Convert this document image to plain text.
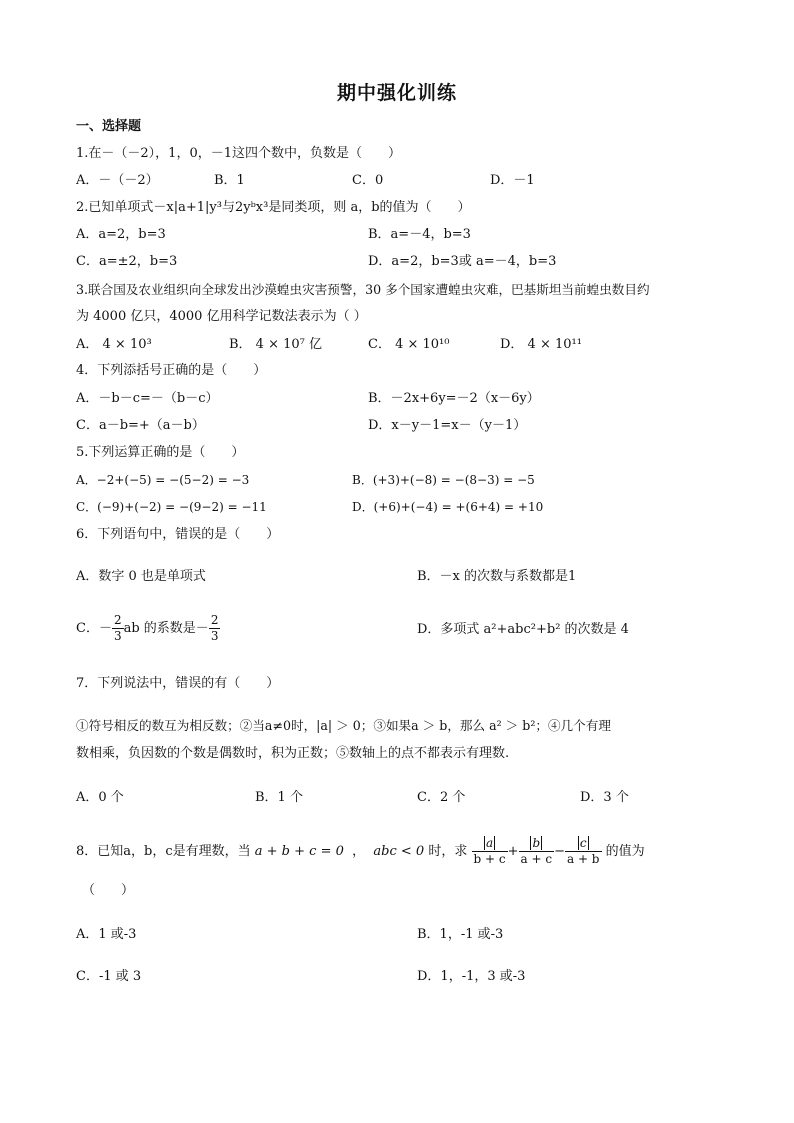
期中强化训练
一、选择题
1.在－（－2），1，0，－1这四个数中，负数是（　　）
A．－（－2）	B．1	C．0	D．－1
2.已知单项式－x|a+1|y³与2yᵇx³是同类项，则 a，b的值为（　　）
A．a=2，b=3	B．a=－4，b=3
C．a=±2，b=3	D．a=2，b=3或 a=－4，b=3
3.联合国及农业组织向全球发出沙漠蝗虫灾害预警，30 多个国家遭蝗虫灾难，巴基斯坦当前蝗虫数目约
为 4000 亿只，4000 亿用科学记数法表示为（ ）
A． 4 × 10³	B． 4 × 10⁷ 亿	C． 4 × 10¹⁰	D． 4 × 10¹¹
4．下列添括号正确的是（　　）
A．－b－c=－（b－c）	B．－2x+6y=－2（x－6y）
C．a－b=+（a－b）	D．x－y－1=x－（y－1）
5.下列运算正确的是（　　）
A．−2+(−5) = −(5−2) = −3	B．(+3)+(−8) = −(8−3) = −5
C．(−9)+(−2) = −(9−2) = −11	D．(+6)+(−4) = +(6+4) = +10
6．下列语句中，错误的是（　　）
A．数字 0 也是单项式	B．－x 的次数与系数都是1
C．－ $\frac{2}{3}$ ab 的系数是－ $\frac{2}{3}$	D．多项式 a²+abc²+b² 的次数是 4
7．下列说法中，错误的有（　　）
①符号相反的数互为相反数；②当a≠0时，|a| ＞ 0；③如果a ＞ b，那么 a² ＞ b²；④几个有理
数相乘，负因数的个数是偶数时，积为正数；⑤数轴上的点不都表示有理数.
A．0 个	B．1 个	C．2 个	D．3 个
8．已知a，b，c是有理数，当 a + b + c = 0  ，  abc < 0 时，求 $\frac{a}{b + c} + \frac{b}{a + c} - \frac{c}{a + b}$ 的值为
（　　）
A．1 或-3	B．1，-1 或-3
C．-1 或 3	D．1，-1，3 或-3
